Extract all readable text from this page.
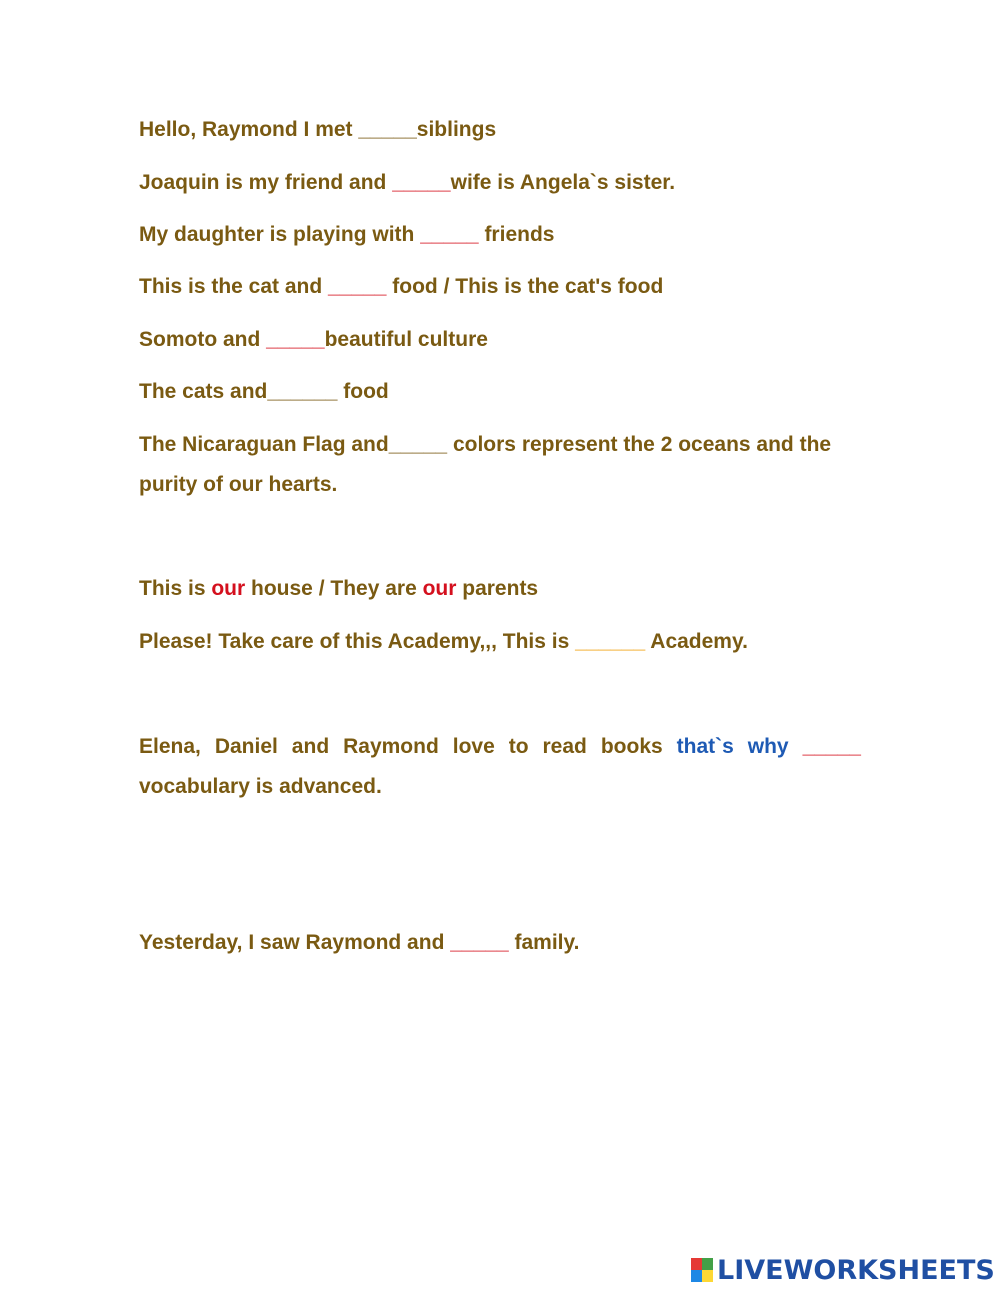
Hello, Raymond I met _____siblings

Joaquin is my friend and _____wife is Angela`s sister.

My daughter is playing with _____ friends

This is the cat and _____ food / This is the cat's food

Somoto and _____beautiful culture

The cats and______ food

The Nicaraguan Flag and_____ colors represent the 2 oceans and the purity of our hearts.

This is our house / They are our parents

Please! Take care of this Academy,,, This is ______ Academy.

Elena, Daniel and Raymond love to read books that`s why _____vocabulary is advanced.

Yesterday, I saw Raymond and _____ family.

LIVEWORKSHEETS
